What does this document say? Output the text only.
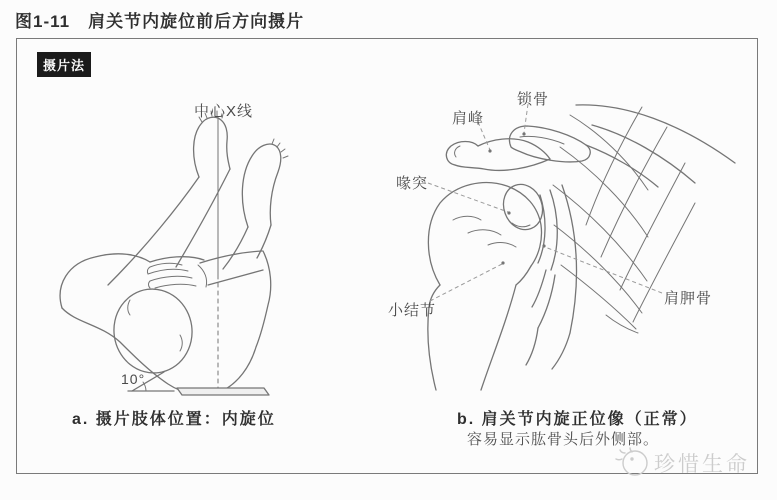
图1-11　肩关节内旋位前后方向摄片
摄片法
中心X线
10°
a. 摄片肢体位置：内旋位
肩峰
锁骨
喙突
小结节
肩胛骨
b. 肩关节内旋正位像（正常）
容易显示肱骨头后外侧部。
珍惜生命
